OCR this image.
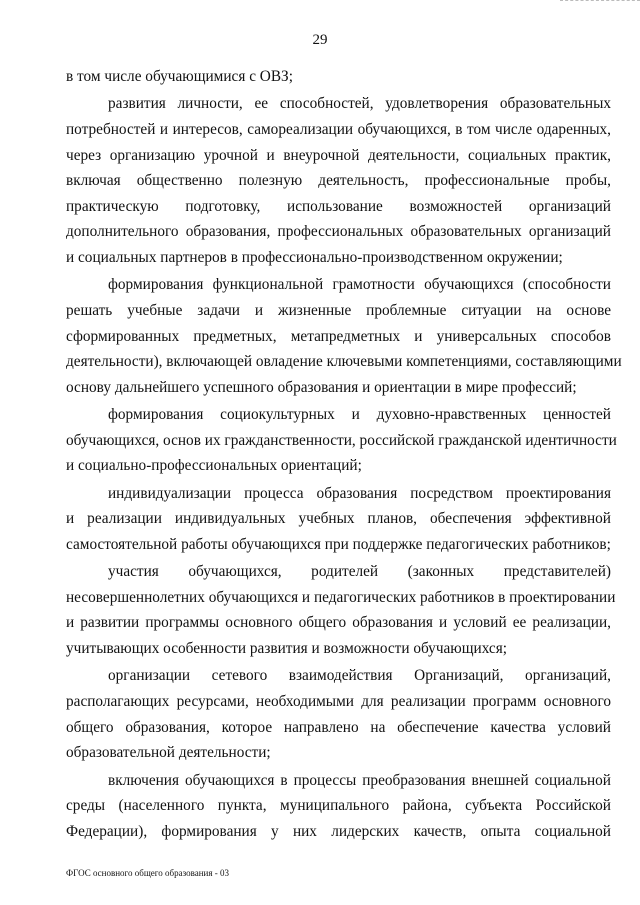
29
в том числе обучающимися с ОВЗ;
развития личности, ее способностей, удовлетворения образовательных
потребностей и интересов, самореализации обучающихся, в том числе одаренных,
через организацию урочной и внеурочной деятельности, социальных практик,
включая общественно полезную деятельность, профессиональные пробы,
практическую подготовку, использование возможностей организаций
дополнительного образования, профессиональных образовательных организаций
и социальных партнеров в профессионально-производственном окружении;
формирования функциональной грамотности обучающихся (способности
решать учебные задачи и жизненные проблемные ситуации на основе
сформированных предметных, метапредметных и универсальных способов
деятельности), включающей овладение ключевыми компетенциями, составляющими
основу дальнейшего успешного образования и ориентации в мире профессий;
формирования социокультурных и духовно-нравственных ценностей
обучающихся, основ их гражданственности, российской гражданской идентичности
и социально-профессиональных ориентаций;
индивидуализации процесса образования посредством проектирования
и реализации индивидуальных учебных планов, обеспечения эффективной
самостоятельной работы обучающихся при поддержке педагогических работников;
участия обучающихся, родителей (законных представителей)
несовершеннолетних обучающихся и педагогических работников в проектировании
и развитии программы основного общего образования и условий ее реализации,
учитывающих особенности развития и возможности обучающихся;
организации сетевого взаимодействия Организаций, организаций,
располагающих ресурсами, необходимыми для реализации программ основного
общего образования, которое направлено на обеспечение качества условий
образовательной деятельности;
включения обучающихся в процессы преобразования внешней социальной
среды (населенного пункта, муниципального района, субъекта Российской
Федерации), формирования у них лидерских качеств, опыта социальной
ФГОС основного общего образования - 03
